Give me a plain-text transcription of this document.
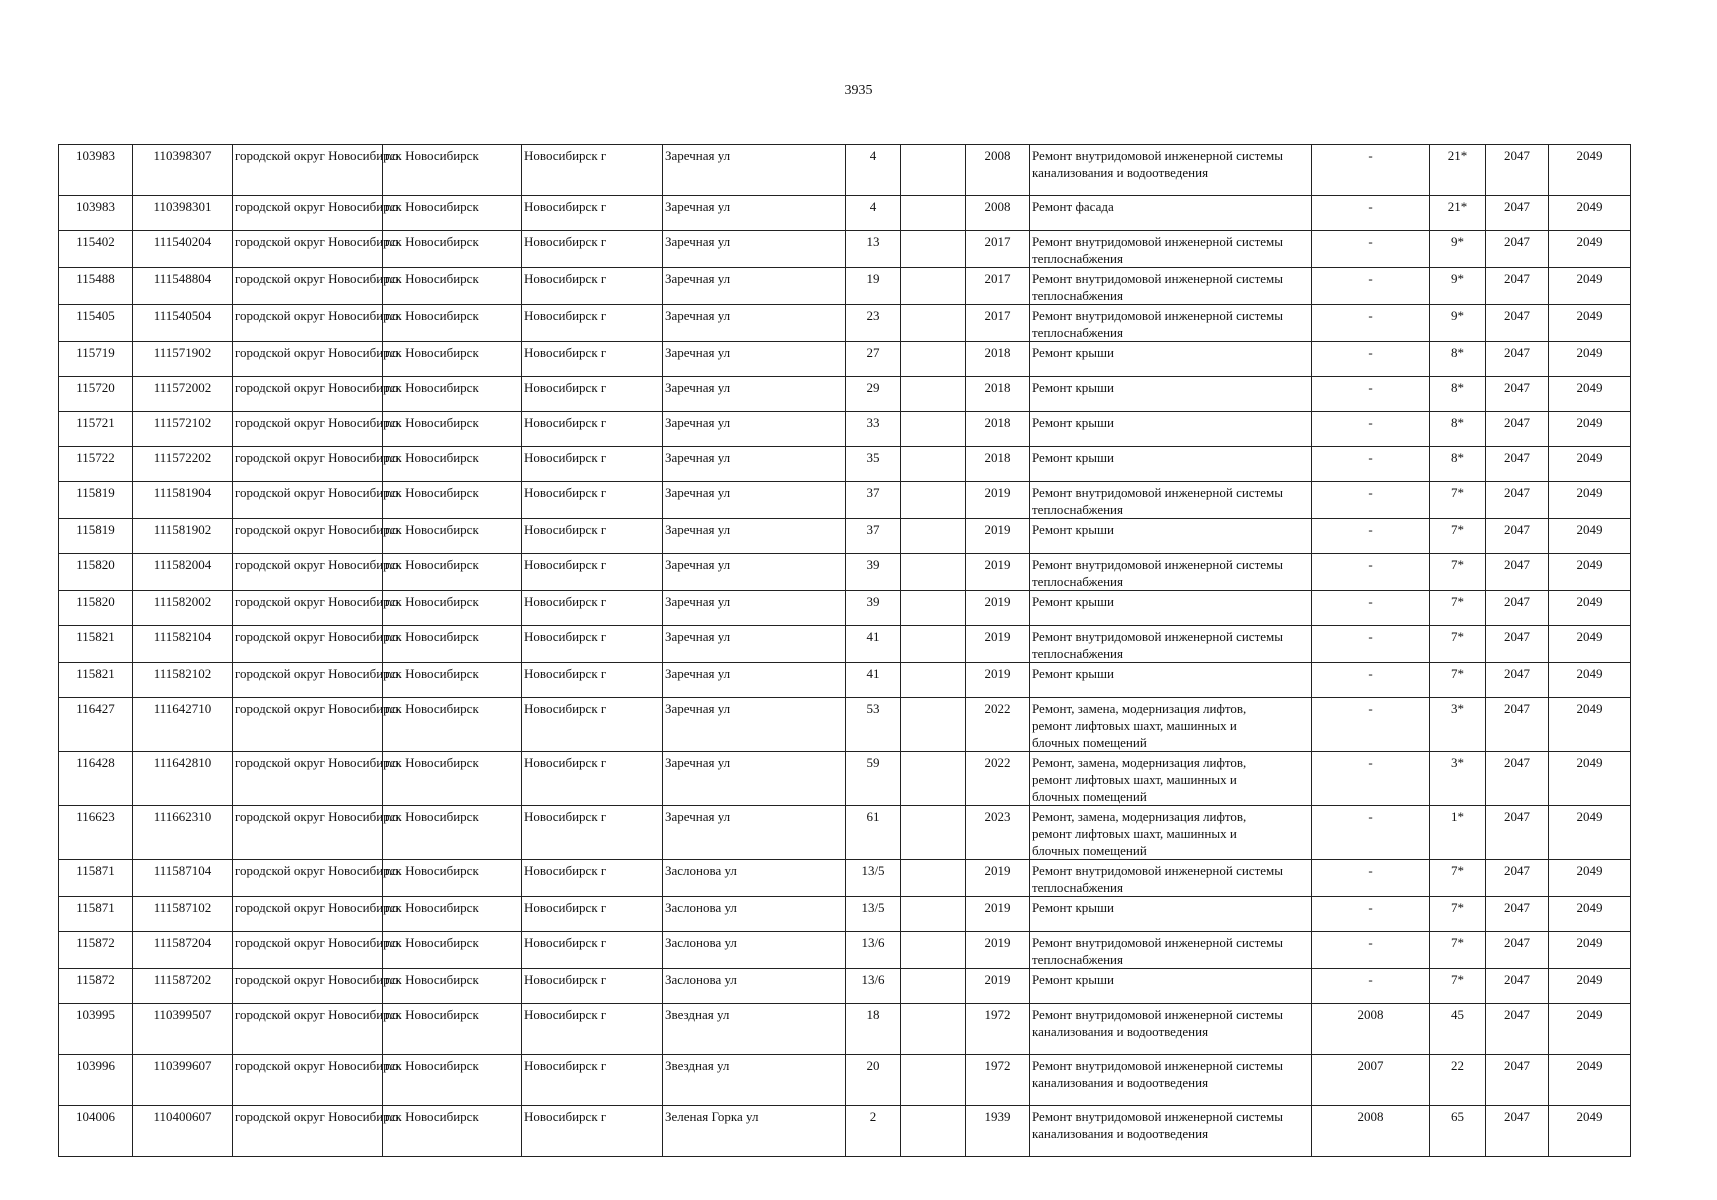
3935
103983	110398307	городской округ Новосибирск	г.о. Новосибирск	Новосибирск г	Заречная ул	4		2008	Ремонт внутридомовой инженерной системы
канализования и водоотведения	-	21*	2047	2049
103983	110398301	городской округ Новосибирск	г.о. Новосибирск	Новосибирск г	Заречная ул	4		2008	Ремонт фасада	-	21*	2047	2049
115402	111540204	городской округ Новосибирск	г.о. Новосибирск	Новосибирск г	Заречная ул	13		2017	Ремонт внутридомовой инженерной системы
теплоснабжения	-	9*	2047	2049
115488	111548804	городской округ Новосибирск	г.о. Новосибирск	Новосибирск г	Заречная ул	19		2017	Ремонт внутридомовой инженерной системы
теплоснабжения	-	9*	2047	2049
115405	111540504	городской округ Новосибирск	г.о. Новосибирск	Новосибирск г	Заречная ул	23		2017	Ремонт внутридомовой инженерной системы
теплоснабжения	-	9*	2047	2049
115719	111571902	городской округ Новосибирск	г.о. Новосибирск	Новосибирск г	Заречная ул	27		2018	Ремонт крыши	-	8*	2047	2049
115720	111572002	городской округ Новосибирск	г.о. Новосибирск	Новосибирск г	Заречная ул	29		2018	Ремонт крыши	-	8*	2047	2049
115721	111572102	городской округ Новосибирск	г.о. Новосибирск	Новосибирск г	Заречная ул	33		2018	Ремонт крыши	-	8*	2047	2049
115722	111572202	городской округ Новосибирск	г.о. Новосибирск	Новосибирск г	Заречная ул	35		2018	Ремонт крыши	-	8*	2047	2049
115819	111581904	городской округ Новосибирск	г.о. Новосибирск	Новосибирск г	Заречная ул	37		2019	Ремонт внутридомовой инженерной системы
теплоснабжения	-	7*	2047	2049
115819	111581902	городской округ Новосибирск	г.о. Новосибирск	Новосибирск г	Заречная ул	37		2019	Ремонт крыши	-	7*	2047	2049
115820	111582004	городской округ Новосибирск	г.о. Новосибирск	Новосибирск г	Заречная ул	39		2019	Ремонт внутридомовой инженерной системы
теплоснабжения	-	7*	2047	2049
115820	111582002	городской округ Новосибирск	г.о. Новосибирск	Новосибирск г	Заречная ул	39		2019	Ремонт крыши	-	7*	2047	2049
115821	111582104	городской округ Новосибирск	г.о. Новосибирск	Новосибирск г	Заречная ул	41		2019	Ремонт внутридомовой инженерной системы
теплоснабжения	-	7*	2047	2049
115821	111582102	городской округ Новосибирск	г.о. Новосибирск	Новосибирск г	Заречная ул	41		2019	Ремонт крыши	-	7*	2047	2049
116427	111642710	городской округ Новосибирск	г.о. Новосибирск	Новосибирск г	Заречная ул	53		2022	Ремонт, замена, модернизация лифтов,
ремонт лифтовых шахт, машинных и
блочных помещений	-	3*	2047	2049
116428	111642810	городской округ Новосибирск	г.о. Новосибирск	Новосибирск г	Заречная ул	59		2022	Ремонт, замена, модернизация лифтов,
ремонт лифтовых шахт, машинных и
блочных помещений	-	3*	2047	2049
116623	111662310	городской округ Новосибирск	г.о. Новосибирск	Новосибирск г	Заречная ул	61		2023	Ремонт, замена, модернизация лифтов,
ремонт лифтовых шахт, машинных и
блочных помещений	-	1*	2047	2049
115871	111587104	городской округ Новосибирск	г.о. Новосибирск	Новосибирск г	Заслонова ул	13/5		2019	Ремонт внутридомовой инженерной системы
теплоснабжения	-	7*	2047	2049
115871	111587102	городской округ Новосибирск	г.о. Новосибирск	Новосибирск г	Заслонова ул	13/5		2019	Ремонт крыши	-	7*	2047	2049
115872	111587204	городской округ Новосибирск	г.о. Новосибирск	Новосибирск г	Заслонова ул	13/6		2019	Ремонт внутридомовой инженерной системы
теплоснабжения	-	7*	2047	2049
115872	111587202	городской округ Новосибирск	г.о. Новосибирск	Новосибирск г	Заслонова ул	13/6		2019	Ремонт крыши	-	7*	2047	2049
103995	110399507	городской округ Новосибирск	г.о. Новосибирск	Новосибирск г	Звездная ул	18		1972	Ремонт внутридомовой инженерной системы
канализования и водоотведения	2008	45	2047	2049
103996	110399607	городской округ Новосибирск	г.о. Новосибирск	Новосибирск г	Звездная ул	20		1972	Ремонт внутридомовой инженерной системы
канализования и водоотведения	2007	22	2047	2049
104006	110400607	городской округ Новосибирск	г.о. Новосибирск	Новосибирск г	Зеленая Горка ул	2		1939	Ремонт внутридомовой инженерной системы
канализования и водоотведения	2008	65	2047	2049
